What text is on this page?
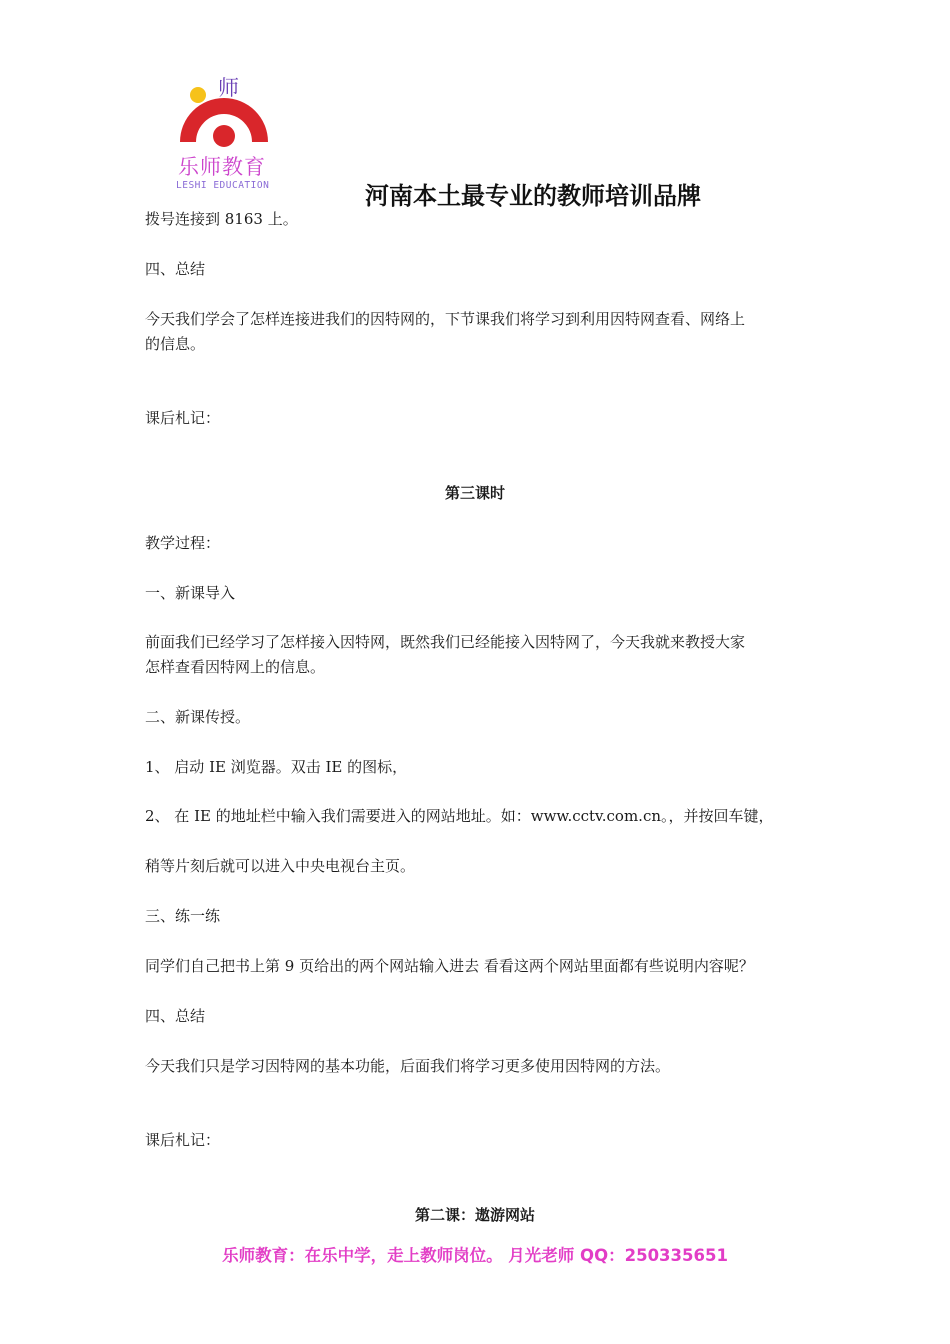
师
乐师教育
LESHI EDUCATION	河南本土最专业的教师培训品牌
拨号连接到 8163 上。
四、总结
今天我们学会了怎样连接进我们的因特网的，下节课我们将学习到利用因特网查看、网络上
的信息。
课后札记：
第三课时
教学过程：
一、新课导入
前面我们已经学习了怎样接入因特网，既然我们已经能接入因特网了，今天我就来教授大家
怎样查看因特网上的信息。
二、新课传授。
1、 启动 IE 浏览器。双击 IE 的图标，
2、 在 IE 的地址栏中输入我们需要进入的网站地址。如：www.cctv.com.cn。，并按回车键，
稍等片刻后就可以进入中央电视台主页。
三、练一练
同学们自己把书上第 9 页给出的两个网站输入进去 看看这两个网站里面都有些说明内容呢？
四、总结
今天我们只是学习因特网的基本功能，后面我们将学习更多使用因特网的方法。
课后札记：
第二课：遨游网站
乐师教育：在乐中学，走上教师岗位。 月光老师 QQ：250335651
